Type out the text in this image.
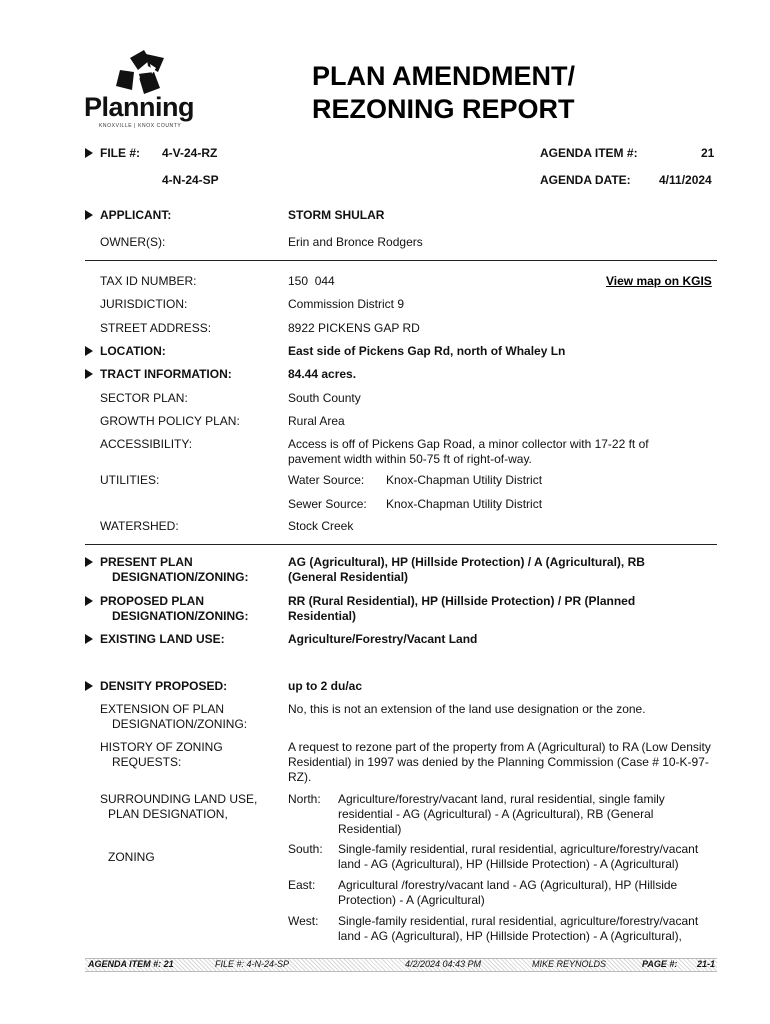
Planning
KNOXVILLE | KNOX COUNTY
PLAN AMENDMENT/
REZONING REPORT
FILE #: 4-V-24-RZ
4-N-24-SP
AGENDA ITEM #:	21
AGENDA DATE: 4/11/2024
APPLICANT:	STORM SHULAR
OWNER(S):	Erin and Bronce Rodgers
TAX ID NUMBER:	150  044	View map on KGIS
JURISDICTION:	Commission District 9
STREET ADDRESS:	8922 PICKENS GAP RD
LOCATION:	East side of Pickens Gap Rd, north of Whaley Ln
TRACT INFORMATION:	84.44 acres.
SECTOR PLAN:	South County
GROWTH POLICY PLAN:	Rural Area
ACCESSIBILITY:	Access is off of Pickens Gap Road, a minor collector with 17-22 ft of pavement width within 50-75 ft of right-of-way.
UTILITIES:	Water Source: Knox-Chapman Utility District
Sewer Source: Knox-Chapman Utility District
WATERSHED:	Stock Creek
PRESENT PLAN
DESIGNATION/ZONING:
AG (Agricultural), HP (Hillside Protection) / A (Agricultural), RB (General Residential)
PROPOSED PLAN
DESIGNATION/ZONING:
RR (Rural Residential), HP (Hillside Protection) / PR (Planned Residential)
EXISTING LAND USE:	Agriculture/Forestry/Vacant Land
DENSITY PROPOSED:	up to 2 du/ac
EXTENSION OF PLAN
DESIGNATION/ZONING:
No, this is not an extension of the land use designation or the zone.
HISTORY OF ZONING
REQUESTS:
A request to rezone part of the property from A (Agricultural) to RA (Low Density Residential) in 1997 was denied by the Planning Commission (Case # 10-K-97-RZ).
SURROUNDING LAND USE,
PLAN DESIGNATION,
ZONING
North: Agriculture/forestry/vacant land, rural residential, single family residential - AG (Agricultural) - A (Agricultural), RB (General Residential)
South: Single-family residential, rural residential, agriculture/forestry/vacant land - AG (Agricultural), HP (Hillside Protection) - A (Agricultural)
East: Agricultural /forestry/vacant land - AG (Agricultural), HP (Hillside Protection) - A (Agricultural)
West: Single-family residential, rural residential, agriculture/forestry/vacant land - AG (Agricultural), HP (Hillside Protection) - A (Agricultural),
AGENDA ITEM #: 21	FILE #: 4-N-24-SP	4/2/2024 04:43 PM	MIKE REYNOLDS	PAGE #: 21-1
